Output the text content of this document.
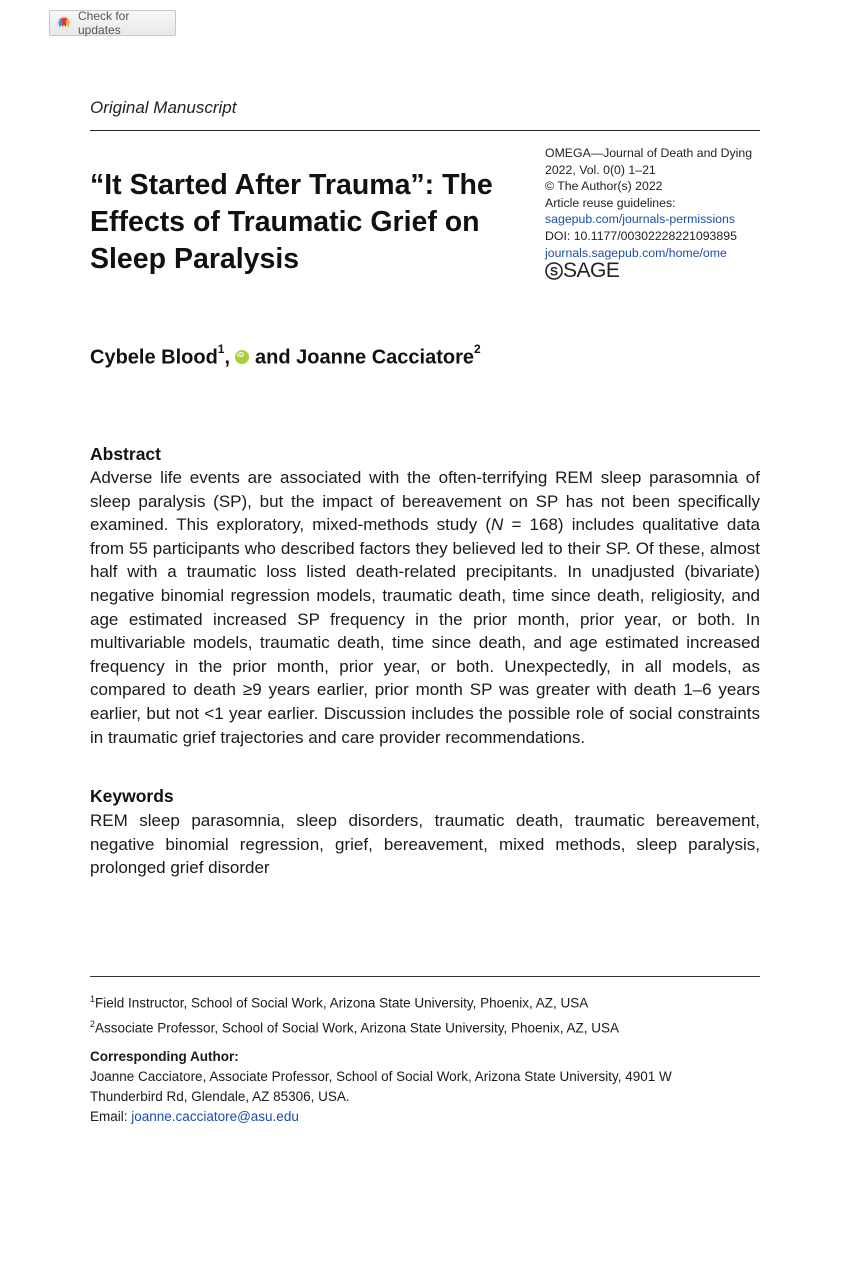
Check for updates
Original Manuscript
“It Started After Trauma”: The Effects of Traumatic Grief on Sleep Paralysis
OMEGA—Journal of Death and Dying
2022, Vol. 0(0) 1–21
© The Author(s) 2022
Article reuse guidelines:
sagepub.com/journals-permissions
DOI: 10.1177/00302228221093895
journals.sagepub.com/home/ome
S SAGE
Cybele Blood$^1$,iD and Joanne Cacciatore$^2$
Abstract
Adverse life events are associated with the often-terrifying REM sleep parasomnia of sleep paralysis (SP), but the impact of bereavement on SP has not been specifically examined. This exploratory, mixed-methods study (N = 168) includes qualitative data from 55 participants who described factors they believed led to their SP. Of these, almost half with a traumatic loss listed death-related precipitants. In unadjusted (bivariate) negative binomial regression models, traumatic death, time since death, religiosity, and age estimated increased SP frequency in the prior month, prior year, or both. In multivariable models, traumatic death, time since death, and age estimated increased frequency in the prior month, prior year, or both. Unexpectedly, in all models, as compared to death ≥9 years earlier, prior month SP was greater with death 1–6 years earlier, but not <1 year earlier. Discussion includes the possible role of social constraints in traumatic grief trajectories and care provider recommendations.
Keywords
REM sleep parasomnia, sleep disorders, traumatic death, traumatic bereavement, negative binomial regression, grief, bereavement, mixed methods, sleep paralysis, prolonged grief disorder
$^1$Field Instructor, School of Social Work, Arizona State University, Phoenix, AZ, USA
$^2$Associate Professor, School of Social Work, Arizona State University, Phoenix, AZ, USA
Corresponding Author:
Joanne Cacciatore, Associate Professor, School of Social Work, Arizona State University, 4901 W
Thunderbird Rd, Glendale, AZ 85306, USA.
Email: joanne.cacciatore@asu.edu
